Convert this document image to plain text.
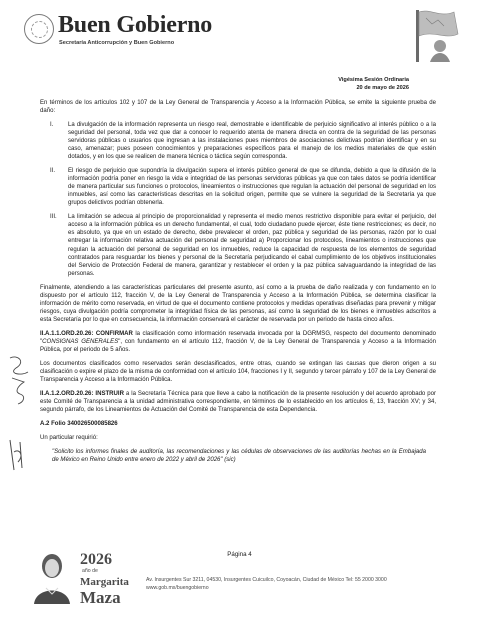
Buen Gobierno
Secretaría Anticorrupción y Buen Gobierno
Vigésima Sesión Ordinaria
20 de mayo de 2026

En términos de los artículos 102 y 107 de la Ley General de Transparencia y Acceso a la Información Pública, se emite la siguiente prueba de daño:

I. La divulgación de la información representa un riesgo real, demostrable e identificable de perjuicio significativo al interés público o a la seguridad del personal, toda vez que dar a conocer lo requerido atenta de manera directa en contra de la seguridad de las personas servidoras públicas o usuarios que ingresan a las instalaciones pues miembros de asociaciones delictivas podrían identificar y en su caso, amenazar; pues poseen conocimientos y preparaciones específicos para el manejo de los medios materiales de que estén dotados, y en los que se realicen de manera técnica o táctica según corresponda.

II. El riesgo de perjuicio que supondría la divulgación supera el interés público general de que se difunda, debido a que la difusión de la información podría poner en riesgo la vida e integridad de las personas servidoras públicas ya que con tales datos se podría identificar de manera particular sus funciones o protocolos, lineamientos o instrucciones que regulan la actuación del personal de seguridad en los inmuebles, así como las características descritas en la solicitud origen, permite que se vulnere la seguridad de la Secretaría ya que grupos delictivos podrían obtenerla.

III. La limitación se adecua al principio de proporcionalidad y representa el medio menos restrictivo disponible para evitar el perjuicio, del acceso a la información pública es un derecho fundamental, el cual, todo ciudadano puede ejercer, éste tiene restricciones; es decir, no es absoluto, ya que en un estado de derecho, debe prevalecer el orden, paz pública y seguridad de las personas, razón por lo cual entregar la información relativa actuación del personal de seguridad a) Proporcionar los protocolos, lineamientos o instrucciones que regulan la actuación del personal de seguridad en los inmuebles, reduce la capacidad de respuesta de los elementos de seguridad contratados para resguardar los bienes y personal de la Secretaría perjudicando el cabal cumplimiento de los objetivos institucionales del Servicio de Protección Federal de manera, garantizar y restablecer el orden y la paz pública salvaguardando la integridad de las personas.

Finalmente, atendiendo a las características particulares del presente asunto, así como a la prueba de daño realizada y con fundamento en lo dispuesto por el artículo 112, fracción V, de la Ley General de Transparencia y Acceso a la Información Pública, se determina clasificar la información de mérito como reservada, en virtud de que el documento contiene protocolos y medidas operativas diseñadas para prevenir y mitigar riesgos, cuya divulgación podría comprometer la integridad física de las personas, así como la seguridad de los bienes e inmuebles adscritos a esta Secretaría por lo que en consecuencia, la información conservará el carácter de reservada por un periodo de hasta cinco años.

II.A.1.1.ORD.20.26: CONFIRMAR la clasificación como información reservada invocada por la DGRMSG, respecto del documento denominado "CONSIGNAS GENERALES", con fundamento en el artículo 112, fracción V, de la Ley General de Transparencia y Acceso a la Información Pública, por el periodo de 5 años.

Los documentos clasificados como reservados serán desclasificados, entre otras, cuando se extingan las causas que dieron origen a su clasificación o expire el plazo de la misma de conformidad con el artículo 104, fracciones I y II, segundo y tercer párrafo y 107 de la Ley General de Transparencia y Acceso a la Información Pública.

II.A.1.2.ORD.20.26: INSTRUIR a la Secretaría Técnica para que lleve a cabo la notificación de la presente resolución y del acuerdo aprobado por este Comité de Transparencia a la unidad administrativa correspondiente, en términos de lo establecido en los artículos 6, 13, fracción XV; y 34, segundo párrafo, de los Lineamientos de Actuación del Comité de Transparencia de esta Dependencia.

A.2 Folio 340026500085826

Un particular requirió:

"Solicito los informes finales de auditoría, las recomendaciones y las cédulas de observaciones de las auditorías hechas en la Embajada de México en Reino Unido entre enero de 2022 y abril de 2026" (sic)

Página 4
2026
año de
Margarita
Maza
Av. Insurgentes Sur 3211, 04530, Insurgentes Cuicuilco, Coyoacán, Ciudad de México Tel: 55 2000 3000
www.gob.mx/buengobierno
